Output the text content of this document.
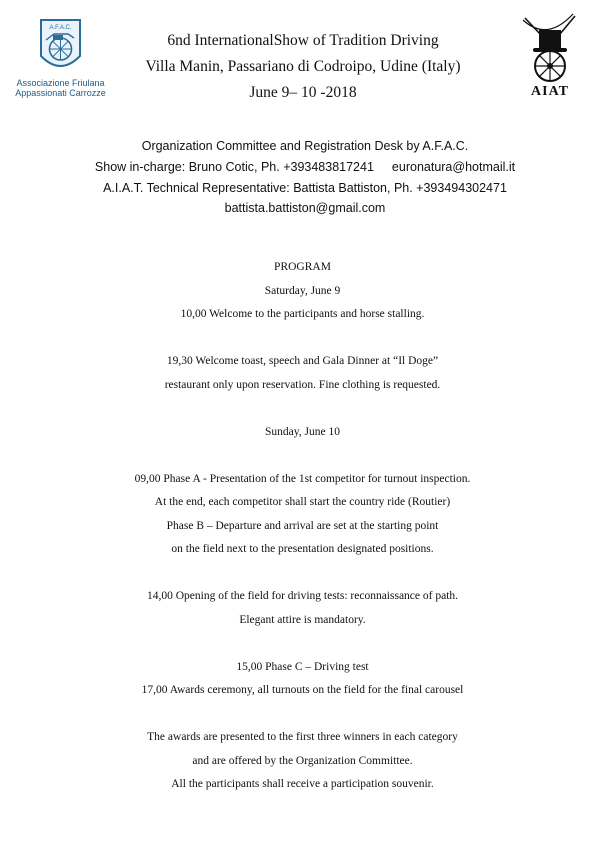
A.F.A.C.
Associazione Friulana
Appassionati Carrozze	AIAT
6nd InternationalShow of Tradition Driving
Villa Manin, Passariano di Codroipo, Udine (Italy)
June 9– 10 -2018
Organization Committee and Registration Desk by A.F.A.C.
Show in-charge: Bruno Cotic, Ph. +393483817241 euronatura@hotmail.it
A.I.A.T. Technical Representative: Battista Battiston, Ph. +393494302471
battista.battiston@gmail.com
PROGRAM
Saturday, June 9
10,00 Welcome to the participants and horse stalling.
19,30 Welcome toast, speech and Gala Dinner at “Il Doge”
restaurant only upon reservation. Fine clothing is requested.
Sunday, June 10
09,00 Phase A - Presentation of the 1st competitor for turnout inspection.
At the end, each competitor shall start the country ride (Routier)
Phase B – Departure and arrival are set at the starting point
on the field next to the presentation designated positions.
14,00 Opening of the field for driving tests: reconnaissance of path.
Elegant attire is mandatory.
15,00 Phase C – Driving test
17,00 Awards ceremony, all turnouts on the field for the final carousel
The awards are presented to the first three winners in each category
and are offered by the Organization Committee.
All the participants shall receive a participation souvenir.
